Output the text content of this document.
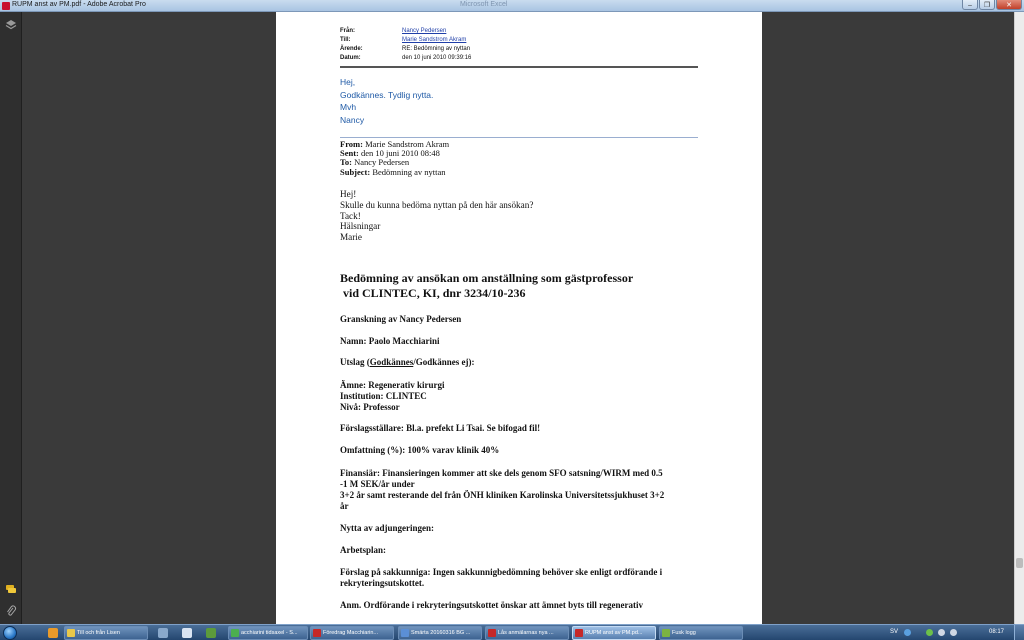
RUPM anst av PM.pdf - Adobe Acrobat Pro	Microsoft Excel	‒	❐	✕
Från:	Nancy Pedersen
Till:	Marie Sandstrom Akram
Ärende:	RE: Bedömning av nyttan
Datum:	den 10 juni 2010 09:39:16
Hej,
Godkännes. Tydlig nytta.
Mvh
Nancy
From: Marie Sandstrom Akram
Sent: den 10 juni 2010 08:48
To: Nancy Pedersen
Subject: Bedömning av nyttan
Hej!
Skulle du kunna bedöma nyttan på den här ansökan?
Tack!
Hälsningar
Marie
Bedömning av ansökan om anställning som gästprofessor
vid CLINTEC, KI, dnr 3234/10-236
Granskning av Nancy Pedersen
Namn: Paolo Macchiarini
Utslag (Godkännes/Godkännes ej):
Ämne: Regenerativ kirurgi
Institution: CLINTEC
Nivå: Professor
Förslagsställare: Bl.a. prefekt Li Tsai. Se bifogad fil!
Omfattning (%): 100% varav klinik 40%
Finansiär: Finansieringen kommer att ske dels genom SFO satsning/WIRM med 0.5
-1 M SEK/år under
3+2 år samt resterande del från ÖNH kliniken Karolinska Universitetssjukhuset 3+2
år
Nytta av adjungeringen:
Arbetsplan:
Förslag på sakkunniga: Ingen sakkunnigbedömning behöver ske enligt ordförande i
rekryteringsutskottet.
Anm. Ordförande i rekryteringsutskottet önskar att ämnet byts till regenerativ
Till och från Lisen	acchiarini tidsaxel - S...	Föredrag Macchiarin...	Smärta 20160316 BG ...	Lås anmälarnas nya ...	RUPM anst av PM.pd...	Fusk logg	SV	08:17
